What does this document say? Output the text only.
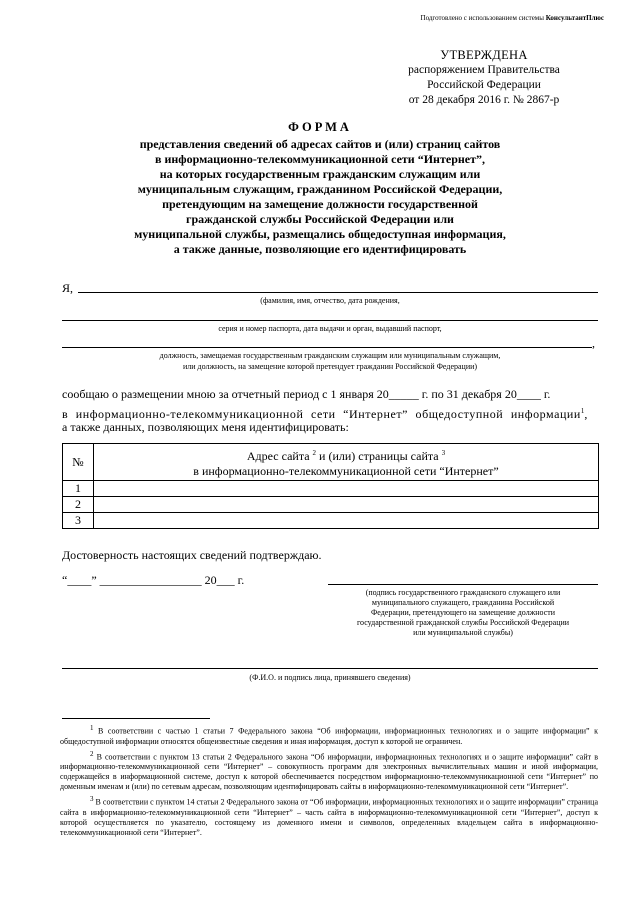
Подготовлено с использованием системы КонсультантПлюс
УТВЕРЖДЕНА
распоряжением Правительства
Российской Федерации
от 28 декабря 2016 г. № 2867-р
ФОРМА
представления сведений об адресах сайтов и (или) страниц сайтов
в информационно-телекоммуникационной сети “Интернет”,
на которых государственным гражданским служащим или
муниципальным служащим, гражданином Российской Федерации,
претендующим на замещение должности государственной
гражданской службы Российской Федерации или
муниципальной службы, размещались общедоступная информация,
а также данные, позволяющие его идентифицировать
Я,
(фамилия, имя, отчество, дата рождения,
серия и номер паспорта, дата выдачи и орган, выдавший паспорт,
,
должность, замещаемая государственным гражданским служащим или муниципальным служащим,
или должность, на замещение которой претендует гражданин Российской Федерации)
сообщаю о размещении мною за отчетный период с 1 января 20_____ г. по 31 декабря 20____ г.
в информационно-телекоммуникационной сети “Интернет” общедоступной информации$^1$,
а также данных, позволяющих меня идентифицировать:
№	Адрес сайта $^2$ и (или) страницы сайта $^3$
в информационно-телекоммуникационной сети “Интернет”

1	
2	
3	
Достоверность настоящих сведений подтверждаю.
“____” _________________ 20___ г.
(подпись государственного гражданского служащего или
муниципального служащего, гражданина Российской
Федерации, претендующего на замещение должности
государственной гражданской службы Российской Федерации
или муниципальной службы)
(Ф.И.О. и подпись лица, принявшего сведения)

$^1$ В соответствии с частью 1 статьи 7 Федерального закона “Об информации, информационных технологиях и о защите информации” к общедоступной информации относятся общеизвестные сведения и иная информация, доступ к которой не ограничен.

$^2$ В соответствии с пунктом 13 статьи 2 Федерального закона “Об информации, информационных технологиях и о защите информации” сайт в информационно-телекоммуникационной сети “Интернет” – совокупность программ для электронных вычислительных машин и иной информации, содержащейся в информационной системе, доступ к которой обеспечивается посредством информационно-телекоммуникационной сети “Интернет” по доменным именам и (или) по сетевым адресам, позволяющим идентифицировать сайты в информационно-телекоммуникационной сети “Интернет”.

$^3$ В соответствии с пунктом 14 статьи 2 Федерального закона от “Об информации, информационных технологиях и о защите информации” страница сайта в информационно-телекоммуникационной сети “Интернет” – часть сайта в информационно-телекоммуникационной сети “Интернет”, доступ к которой осуществляется по указателю, состоящему из доменного имени и символов, определенных владельцем сайта в информационно-телекоммуникационной сети “Интернет”.
